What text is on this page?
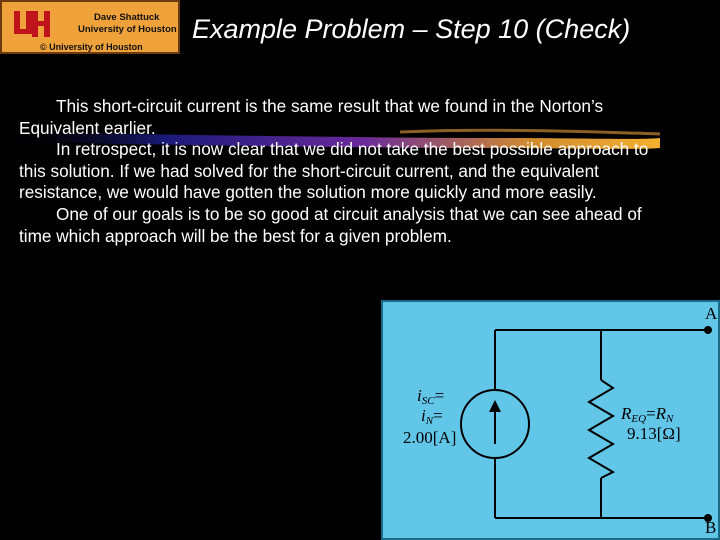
Dave Shattuck
University of Houston
© University of Houston
Example Problem – Step 10 (Check)

This short-circuit current is the same result that we found in the Norton’s Equivalent earlier.

In retrospect, it is now clear that we did not take the best possible approach to this solution. If we had solved for the short-circuit current, and the equivalent resistance, we would have gotten the solution more quickly and more easily.

One of our goals is to be so good at circuit analysis that we can see ahead of time which approach will be the best for a given problem.

A
B
$i_{SC}=$
$i_N=$
2.00[A]
$R_{EQ}=R_N$
9.13[Ω]
